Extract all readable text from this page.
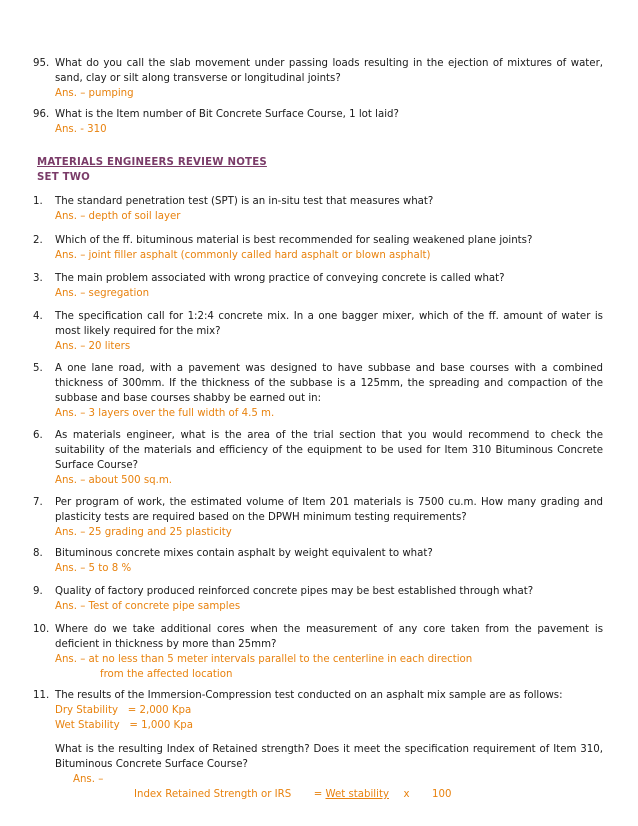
95. What do you call the slab movement under passing loads resulting in the ejection of mixtures of water, sand, clay or silt along transverse or longitudinal joints?
Ans. – pumping
96. What is the Item number of Bit Concrete Surface Course, 1 lot laid?
Ans. - 310
MATERIALS ENGINEERS REVIEW NOTES
SET TWO
1.	The standard penetration test (SPT) is an in-situ test that measures what?
Ans. – depth of soil layer
2.	Which of the ff. bituminous material is best recommended for sealing weakened plane joints?
Ans. – joint filler asphalt (commonly called hard asphalt or blown asphalt)
3.	The main problem associated with wrong practice of conveying concrete is called what?
Ans. – segregation
4.	The specification call for 1:2:4 concrete mix. In a one bagger mixer, which of the ff. amount of water is most likely required for the mix?
Ans. – 20 liters
5.	A one lane road, with a pavement was designed to have subbase and base courses with a combined thickness of 300mm. If the thickness of the subbase is a 125mm, the spreading and compaction of the subbase and base courses shabby be earned out in:
Ans. – 3 layers over the full width of 4.5 m.
6.	As materials engineer, what is the area of the trial section that you would recommend to check the suitability of the materials and efficiency of the equipment to be used for Item 310 Bituminous Concrete Surface Course?
Ans. – about 500 sq.m.
7.	Per program of work, the estimated volume of Item 201 materials is 7500 cu.m. How many grading and plasticity tests are required based on the DPWH minimum testing requirements?
Ans. – 25 grading and 25 plasticity
8.	Bituminous concrete mixes contain asphalt by weight equivalent to what?
Ans. – 5 to 8 %
9.	Quality of factory produced reinforced concrete pipes may be best established through what?
Ans. – Test of concrete pipe samples
10. Where do we take additional cores when the measurement of any core taken from the pavement is deficient in thickness by more than 25mm?
Ans. – at no less than 5 meter intervals parallel to the centerline in each direction
from the affected location
11. The results of the Immersion-Compression test conducted on an asphalt mix sample are as follows:
Dry Stability   = 2,000 Kpa
Wet Stability   = 1,000 Kpa
What is the resulting Index of Retained strength? Does it meet the specification requirement of Item 310, Bituminous Concrete Surface Course?
Ans. –
Index Retained Strength or IRS = Wet stability x 100
